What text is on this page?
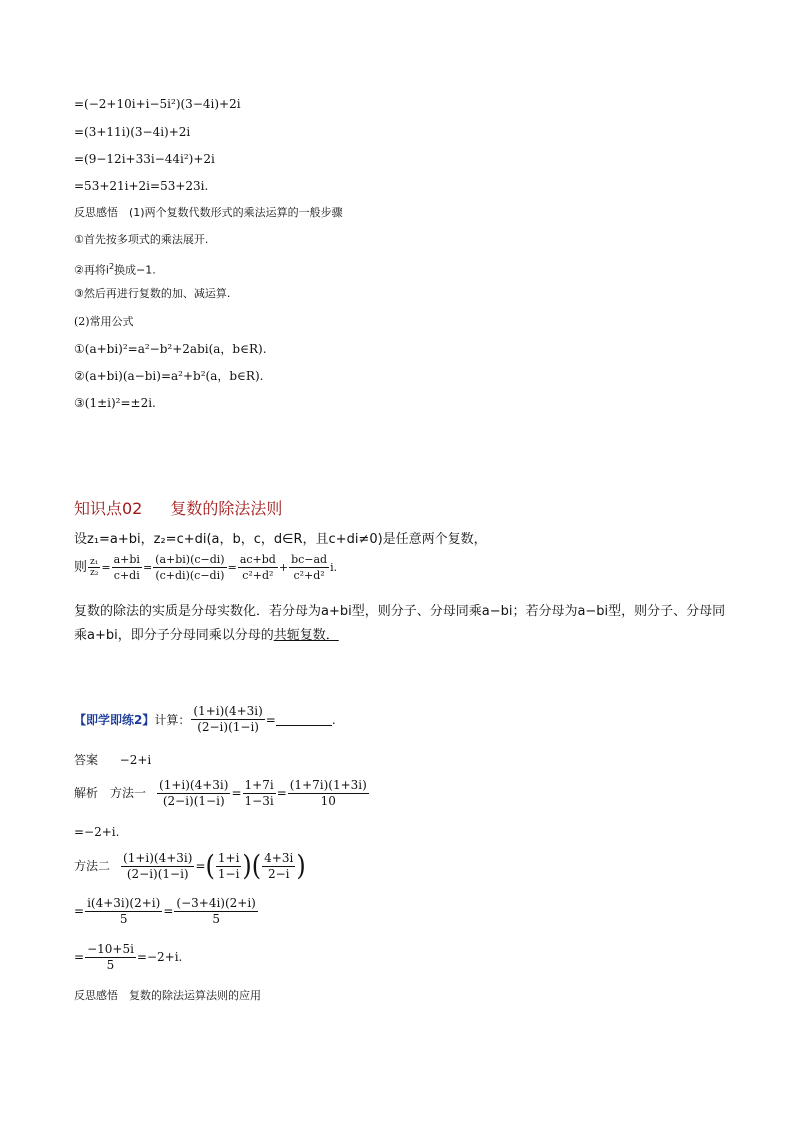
=(−2+10i+i−5i²)(3−4i)+2i
=(3+11i)(3−4i)+2i
=(9−12i+33i−44i²)+2i
=53+21i+2i=53+23i.
反思感悟　(1)两个复数代数形式的乘法运算的一般步骤
①首先按多项式的乘法展开.
②再将$i^2$换成−1.
③然后再进行复数的加、减运算.
(2)常用公式
①(a+bi)²=a²−b²+2abi(a，b∈R).
②(a+bi)(a−bi)=a²+b²(a，b∈R).
③(1±i)²=±2i.
知识点02 复数的除法法则
设z₁=a+bi，z₂=c+di(a，b，c，d∈R，且c+di≠0)是任意两个复数，
则 $\frac{\text{z₁}}{\text{z₂}} = \frac{a+bi}{c+di} = \frac{(a+bi)(c-di)}{(c+di)(c-di)} = \frac{ac+bd}{\text{c²+d²}} + \frac{bc-ad}{\text{c²+d²}} i$.
复数的除法的实质是分母实数化．若分母为a+bi型，则分子、分母同乘a−bi；若分母为a−bi型，则分子、分母同乘a+bi，即分子分母同乘以分母的共轭复数．
【即学即练2】 计算： $\frac{(1+i)(4+3i)}{(2-i)(1-i)}$ =	.
答案 −2+i
解析 方法一 $\frac{(1+i)(4+3i)}{(2-i)(1-i)} = \frac{1+7i}{1-3i} = \frac{(1+7i)(1+3i)}{10}$
=−2+i.
方法二 $\frac{(1+i)(4+3i)}{(2-i)(1-i)}$ = ( $\frac{1+i}{1-i}$ ) ( $\frac{4+3i}{2-i}$ )
= $\frac{i(4+3i)(2+i)}{5} = \frac{(-3+4i)(2+i)}{5}$
= $\frac{-10+5i}{5} =-2+i$.
反思感悟　复数的除法运算法则的应用
